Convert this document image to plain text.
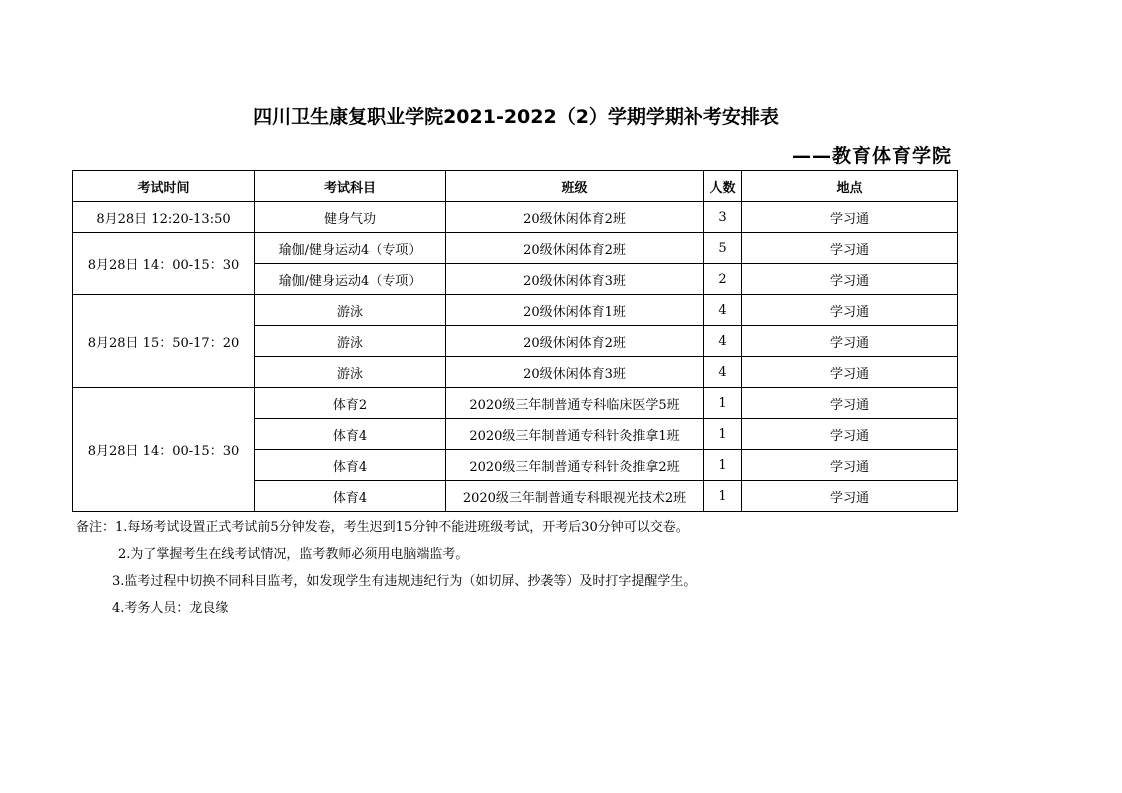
四川卫生康复职业学院2021-2022（2）学期学期补考安排表
——教育体育学院
考试时间	考试科目	班级	人数	地点
8月28日 12:20-13:50	健身气功	20级休闲体育2班	3	学习通
8月28日 14：00-15：30	瑜伽/健身运动4（专项）	20级休闲体育2班	5	学习通
	瑜伽/健身运动4（专项）	20级休闲体育3班	2	学习通
8月28日 15：50-17：20	游泳	20级休闲体育1班	4	学习通
	游泳	20级休闲体育2班	4	学习通
	游泳	20级休闲体育3班	4	学习通
8月28日 14：00-15：30	体育2	2020级三年制普通专科临床医学5班	1	学习通
	体育4	2020级三年制普通专科针灸推拿1班	1	学习通
	体育4	2020级三年制普通专科针灸推拿2班	1	学习通
	体育4	2020级三年制普通专科眼视光技术2班	1	学习通
备注：1.每场考试设置正式考试前5分钟发卷，考生迟到15分钟不能进班级考试，开考后30分钟可以交卷。
2.为了掌握考生在线考试情况，监考教师必须用电脑端监考。
3.监考过程中切换不同科目监考，如发现学生有违规违纪行为（如切屏、抄袭等）及时打字提醒学生。
4.考务人员：龙良缘
